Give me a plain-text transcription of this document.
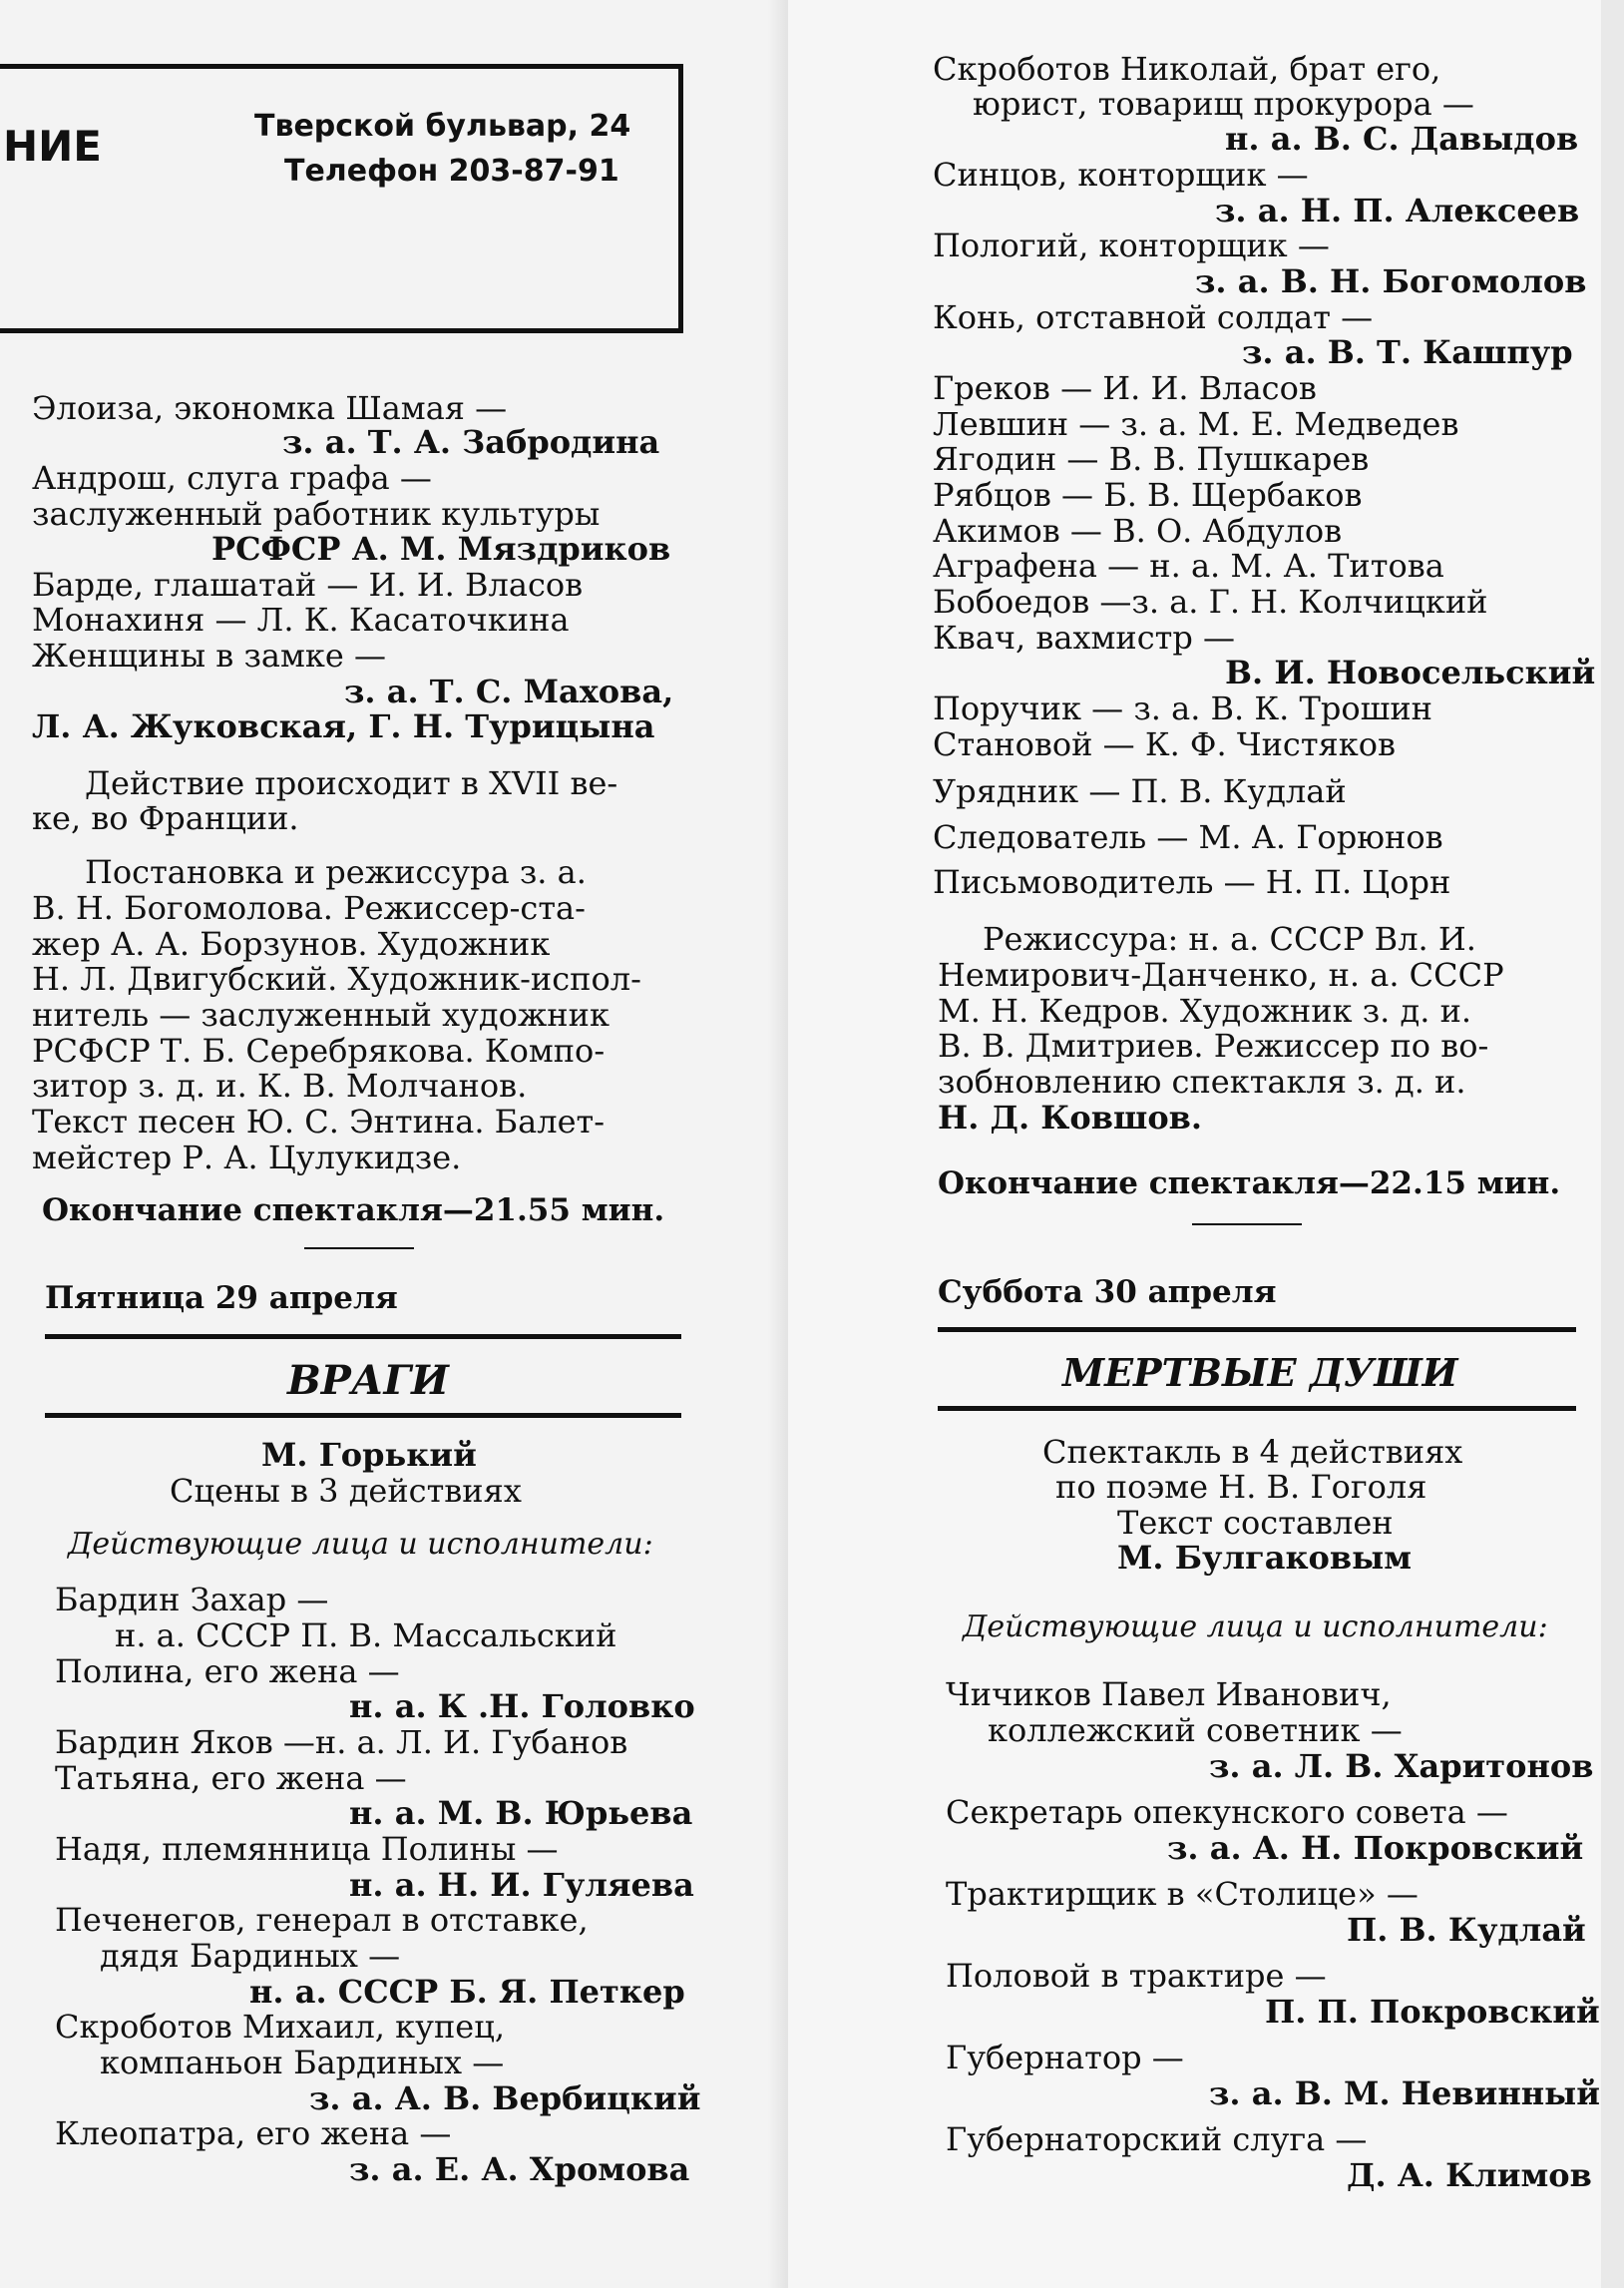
НИЕ	Тверской бульвар, 24
Телефон 203-87-91
Элоиза, экономка Шамая —
з. а. Т. А. Забродина
Андрош, слуга графа —
заслуженный работник культуры
РСФСР А. М. Мяздриков
Барде, глашатай — И. И. Власов
Монахиня — Л. К. Касаточкина
Женщины в замке —
з. а. Т. С. Махова,
Л. А. Жуковская, Г. Н. Турицына
Действие происходит в XVII ве-
ке, во Франции.
Постановка и режиссура з. а.
В. Н. Богомолова. Режиссер-ста-
жер А. А. Борзунов. Художник
Н. Л. Двигубский. Художник-испол-
нитель — заслуженный художник
РСФСР Т. Б. Серебрякова. Компо-
зитор з. д. и. К. В. Молчанов.
Текст песен Ю. С. Энтина. Балет-
мейстер Р. А. Цулукидзе.
Окончание спектакля—21.55 мин.
Пятница 29 апреля
ВРАГИ
М. Горький
Сцены в 3 действиях
Действующие лица и исполнители:
Бардин Захар —
н. а. СССР П. В. Массальский
Полина, его жена —
н. а. К .Н. Головко
Бардин Яков —н. а. Л. И. Губанов
Татьяна, его жена —
н. а. М. В. Юрьева
Надя, племянница Полины —
н. а. Н. И. Гуляева
Печенегов, генерал в отставке,
дядя Бардиных —
н. а. СССР Б. Я. Петкер
Скроботов Михаил, купец,
компаньон Бардиных —
з. а. А. В. Вербицкий
Клеопатра, его жена —
з. а. Е. А. Хромова
Скроботов Николай, брат его,
юрист, товарищ прокурора —
н. а. В. С. Давыдов
Синцов, конторщик —
з. а. Н. П. Алексеев
Пологий, конторщик —
з. а. В. Н. Богомолов
Конь, отставной солдат —
з. а. В. Т. Кашпур
Греков — И. И. Власов
Левшин — з. а. М. Е. Медведев
Ягодин — В. В. Пушкарев
Рябцов — Б. В. Щербаков
Акимов — В. О. Абдулов
Аграфена — н. а. М. А. Титова
Бобоедов —з. а. Г. Н. Колчицкий
Квач, вахмистр —
В. И. Новосельский
Поручик — з. а. В. К. Трошин
Становой — К. Ф. Чистяков
Урядник — П. В. Кудлай
Следователь — М. А. Горюнов
Письмоводитель — Н. П. Цорн
Режиссура: н. а. СССР Вл. И.
Немирович-Данченко, н. а. СССР
М. Н. Кедров. Художник з. д. и.
В. В. Дмитриев. Режиссер по во-
зобновлению спектакля з. д. и.
Н. Д. Ковшов.
Окончание спектакля—22.15 мин.
Суббота 30 апреля
МЕРТВЫЕ ДУШИ
Спектакль в 4 действиях
по поэме Н. В. Гоголя
Текст составлен
М. Булгаковым
Действующие лица и исполнители:
Чичиков Павел Иванович,
коллежский советник —
з. а. Л. В. Харитонов
Секретарь опекунского совета —
з. а. А. Н. Покровский
Трактирщик в «Столице» —
П. В. Кудлай
Половой в трактире —
П. П. Покровский
Губернатор —
з. а. В. М. Невинный
Губернаторский слуга —
Д. А. Климов
